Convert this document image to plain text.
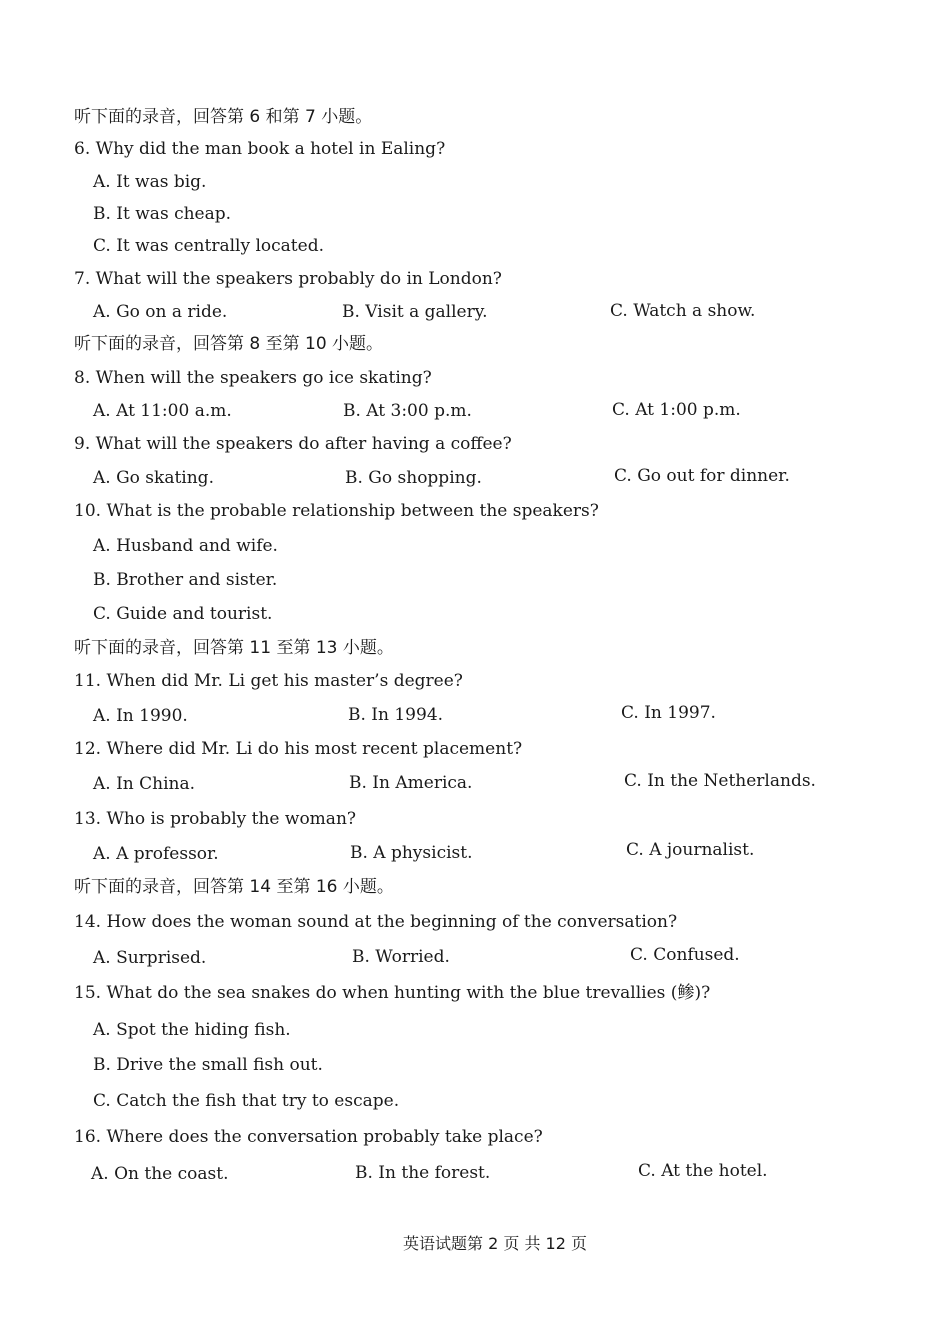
听下面的录音，回答第 6 和第 7 小题。
6. Why did the man book a hotel in Ealing?
A. It was big.
B. It was cheap.
C. It was centrally located.
7. What will the speakers probably do in London?
A. Go on a ride.	B. Visit a gallery.	C. Watch a show.
听下面的录音，回答第 8 至第 10 小题。
8. When will the speakers go ice skating?
A. At 11:00 a.m.	B. At 3:00 p.m.	C. At 1:00 p.m.
9. What will the speakers do after having a coffee?
A. Go skating.	B. Go shopping.	C. Go out for dinner.
10. What is the probable relationship between the speakers?
A. Husband and wife.
B. Brother and sister.
C. Guide and tourist.
听下面的录音，回答第 11 至第 13 小题。
11. When did Mr. Li get his master’s degree?
A. In 1990.	B. In 1994.	C. In 1997.
12. Where did Mr. Li do his most recent placement?
A. In China.	B. In America.	C. In the Netherlands.
13. Who is probably the woman?
A. A professor.	B. A physicist.	C. A journalist.
听下面的录音，回答第 14 至第 16 小题。
14. How does the woman sound at the beginning of the conversation?
A. Surprised.	B. Worried.	C. Confused.
15. What do the sea snakes do when hunting with the blue trevallies (鲹)?
A. Spot the hiding fish.
B. Drive the small fish out.
C. Catch the fish that try to escape.
16. Where does the conversation probably take place?
A. On the coast.	B. In the forest.	C. At the hotel.
英语试题第 2 页 共 12 页
